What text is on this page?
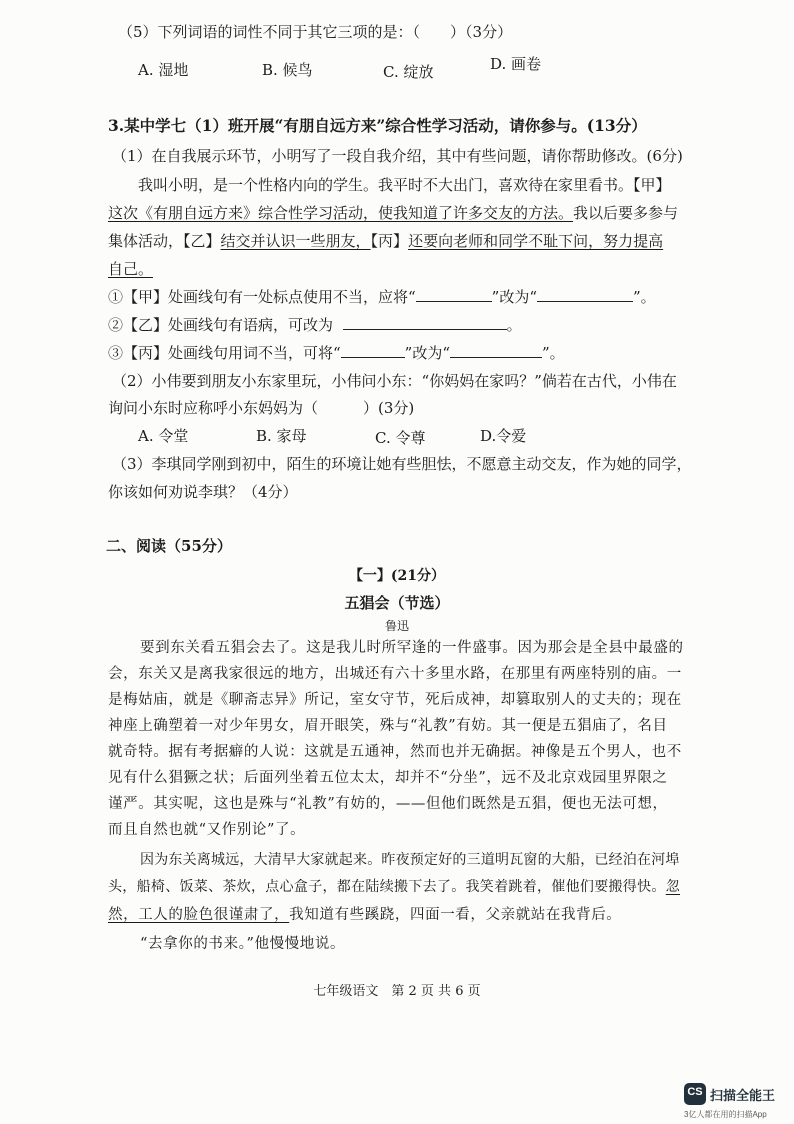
（5）下列词语的词性不同于其它三项的是：（　　）（3分）
A. 湿地	B. 候鸟	C. 绽放	D. 画卷
3.某中学七（1）班开展“有朋自远方来”综合性学习活动，请你参与。(13分）
（1）在自我展示环节，小明写了一段自我介绍，其中有些问题，请你帮助修改。(6分)
我叫小明，是一个性格内向的学生。我平时不大出门，喜欢待在家里看书。【甲】
这次《有朋自远方来》综合性学习活动，使我知道了许多交友的方法。我以后要多参与
集体活动，【乙】结交并认识一些朋友，【丙】还要向老师和同学不耻下问，努力提高
自己。
①【甲】处画线句有一处标点使用不当，应将“	”改为“	”。
②【乙】处画线句有语病，可改为	。
③【丙】处画线句用词不当，可将“	”改为“	”。
（2）小伟要到朋友小东家里玩，小伟问小东：“你妈妈在家吗？”倘若在古代，小伟在
询问小东时应称呼小东妈妈为（　　　）(3分)
A. 令堂	B. 家母	C. 令尊	D.令爱
（3）李琪同学刚到初中，陌生的环境让她有些胆怯，不愿意主动交友，作为她的同学，
你该如何劝说李琪？（4分）
二、阅读（55分）
【一】(21分）
五猖会（节选）
鲁迅
要到东关看五猖会去了。这是我儿时所罕逢的一件盛事。因为那会是全县中最盛的
会，东关又是离我家很远的地方，出城还有六十多里水路，在那里有两座特别的庙。一
是梅姑庙，就是《聊斋志异》所记，室女守节，死后成神，却篡取别人的丈夫的；现在
神座上确塑着一对少年男女，眉开眼笑，殊与“礼教”有妨。其一便是五猖庙了，名目
就奇特。据有考据癖的人说：这就是五通神，然而也并无确据。神像是五个男人，也不
见有什么猖獗之状；后面列坐着五位太太，却并不“分坐”，远不及北京戏园里界限之
谨严。其实呢，这也是殊与“礼教”有妨的，——但他们既然是五猖，便也无法可想，
而且自然也就“又作别论”了。
因为东关离城远，大清早大家就起来。昨夜预定好的三道明瓦窗的大船，已经泊在河埠
头，船椅、饭菜、茶炊，点心盒子，都在陆续搬下去了。我笑着跳着，催他们要搬得快。忽
然，工人的脸色很谨肃了，我知道有些蹊跷，四面一看，父亲就站在我背后。
“去拿你的书来。”他慢慢地说。
七年级语文　第 2 页 共 6 页
CS 扫描全能王
3亿人都在用的扫描App
